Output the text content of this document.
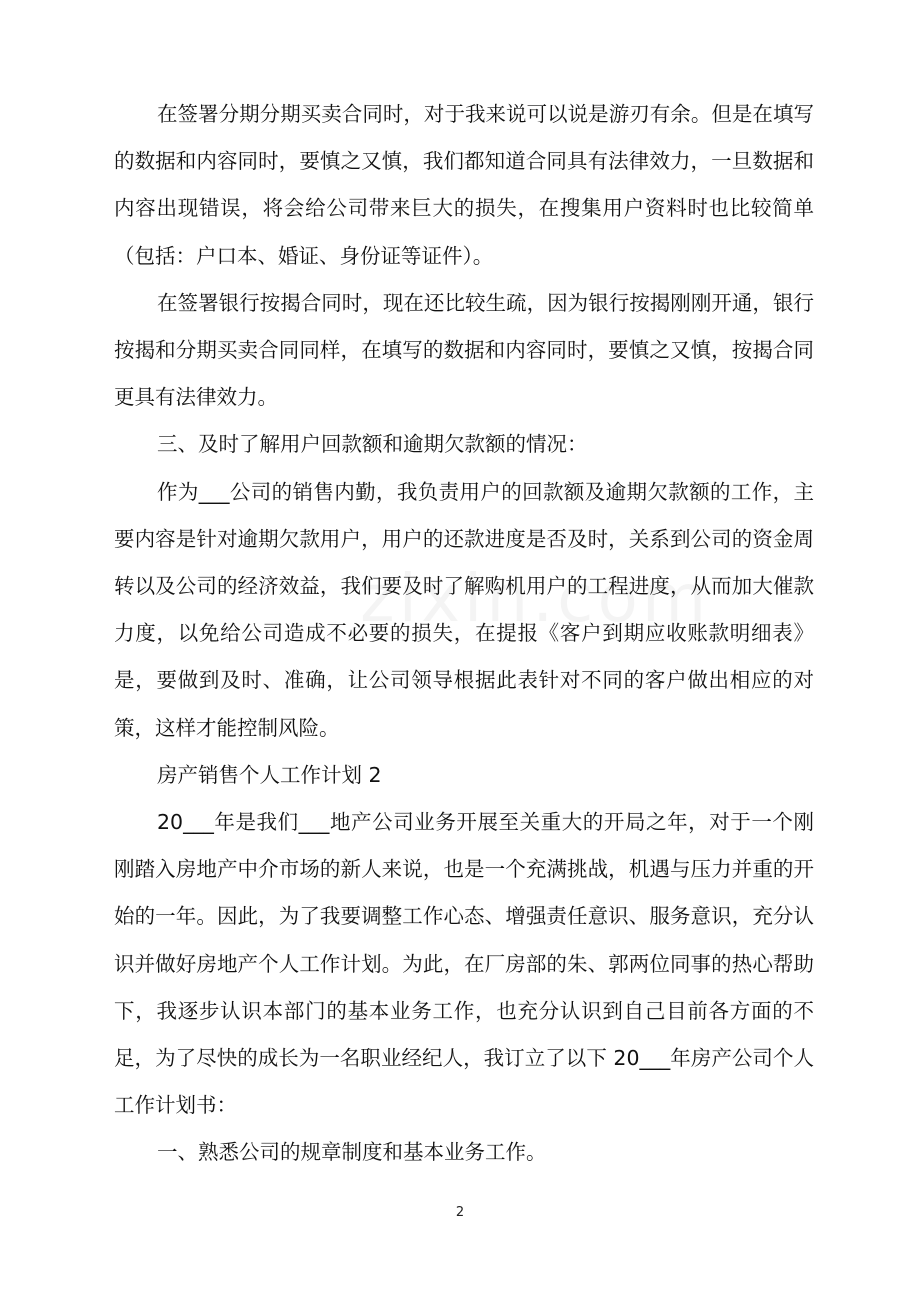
在签署分期分期买卖合同时，对于我来说可以说是游刃有余。但是在填写的数据和内容同时，要慎之又慎，我们都知道合同具有法律效力，一旦数据和内容出现错误，将会给公司带来巨大的损失，在搜集用户资料时也比较简单（包括：户口本、婚证、身份证等证件）。

在签署银行按揭合同时，现在还比较生疏，因为银行按揭刚刚开通，银行按揭和分期买卖合同同样，在填写的数据和内容同时，要慎之又慎，按揭合同更具有法律效力。

三、及时了解用户回款额和逾期欠款额的情况：

作为___公司的销售内勤，我负责用户的回款额及逾期欠款额的工作，主要内容是针对逾期欠款用户，用户的还款进度是否及时，关系到公司的资金周转以及公司的经济效益，我们要及时了解购机用户的工程进度，从而加大催款力度，以免给公司造成不必要的损失，在提报《客户到期应收账款明细表》是，要做到及时、准确，让公司领导根据此表针对不同的客户做出相应的对策，这样才能控制风险。

房产销售个人工作计划 2

20___年是我们___地产公司业务开展至关重大的开局之年，对于一个刚刚踏入房地产中介市场的新人来说，也是一个充满挑战，机遇与压力并重的开始的一年。因此，为了我要调整工作心态、增强责任意识、服务意识，充分认识并做好房地产个人工作计划。为此，在厂房部的朱、郭两位同事的热心帮助下，我逐步认识本部门的基本业务工作，也充分认识到自己目前各方面的不足，为了尽快的成长为一名职业经纪人，我订立了以下 20___年房产公司个人工作计划书：

一、熟悉公司的规章制度和基本业务工作。

2
